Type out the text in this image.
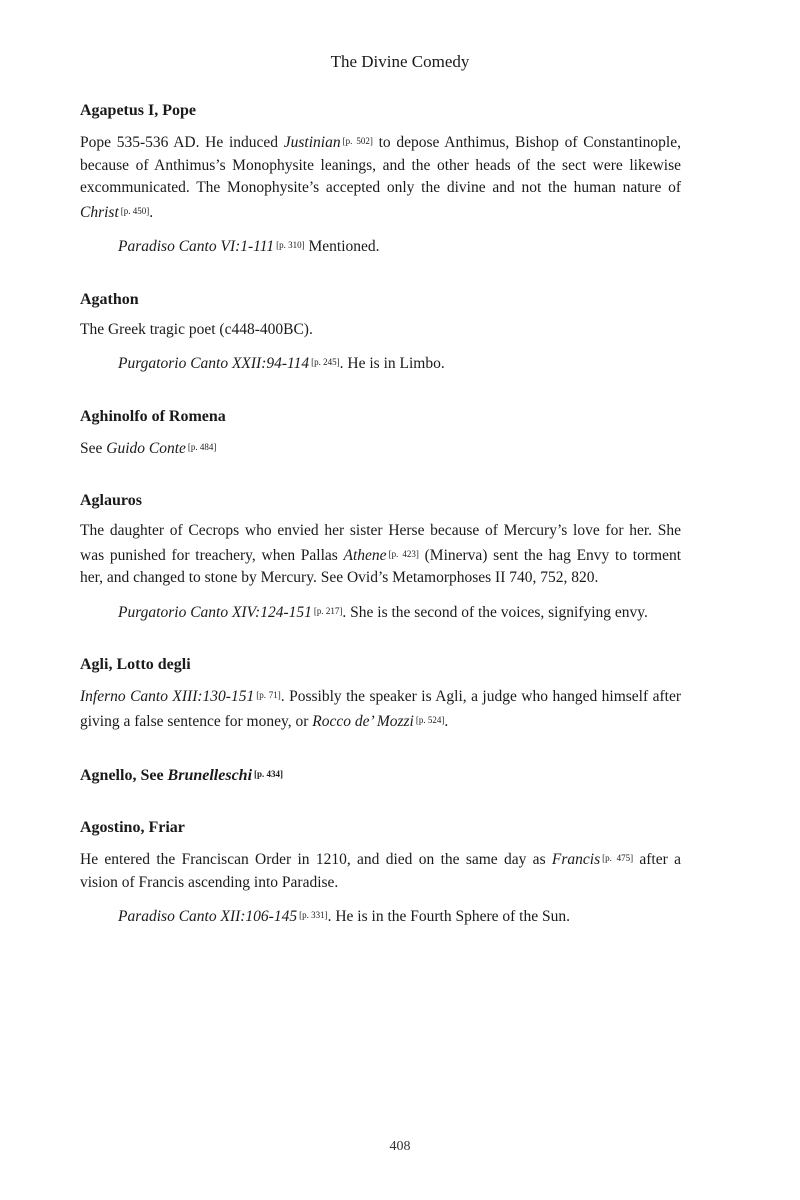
The Divine Comedy
Agapetus I, Pope

Pope 535-536 AD. He induced Justinian [p. 502] to depose Anthimus, Bishop of Constantinople, because of Anthimus’s Monophysite leanings, and the other heads of the sect were likewise excommunicated. The Monophysite’s accepted only the divine and not the human nature of Christ [p. 450].

Paradiso Canto VI:1-111 [p. 310] Mentioned.

Agathon

The Greek tragic poet (c448-400BC).

Purgatorio Canto XXII:94-114 [p. 245]. He is in Limbo.

Aghinolfo of Romena

See Guido Conte [p. 484]

Aglauros

The daughter of Cecrops who envied her sister Herse because of Mercury’s love for her. She was punished for treachery, when Pallas Athene [p. 423] (Minerva) sent the hag Envy to torment her, and changed to stone by Mercury. See Ovid’s Metamorphoses II 740, 752, 820.

Purgatorio Canto XIV:124-151 [p. 217]. She is the second of the voices, signifying envy.

Agli, Lotto degli

Inferno Canto XIII:130-151 [p. 71]. Possibly the speaker is Agli, a judge who hanged himself after giving a false sentence for money, or Rocco de’ Mozzi [p. 524].

Agnello, See Brunelleschi [p. 434]
Agostino, Friar

He entered the Franciscan Order in 1210, and died on the same day as Francis [p. 475] after a vision of Francis ascending into Paradise.

Paradiso Canto XII:106-145 [p. 331]. He is in the Fourth Sphere of the Sun.

408
